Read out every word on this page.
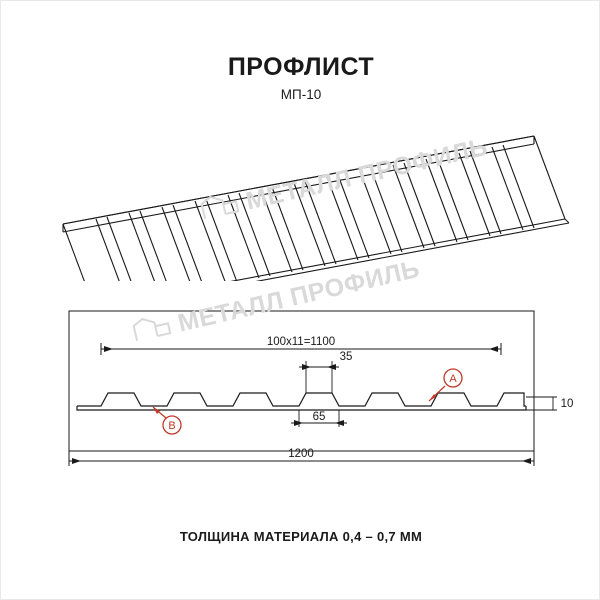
ПРОФЛИСТ
МП-10
МЕТАЛЛ ПРОФИЛЬ
A
B
100х11=1100
35
65
1200
10
МЕТАЛЛ ПРОФИЛЬ
ТОЛЩИНА МАТЕРИАЛА 0,4 – 0,7 ММ
